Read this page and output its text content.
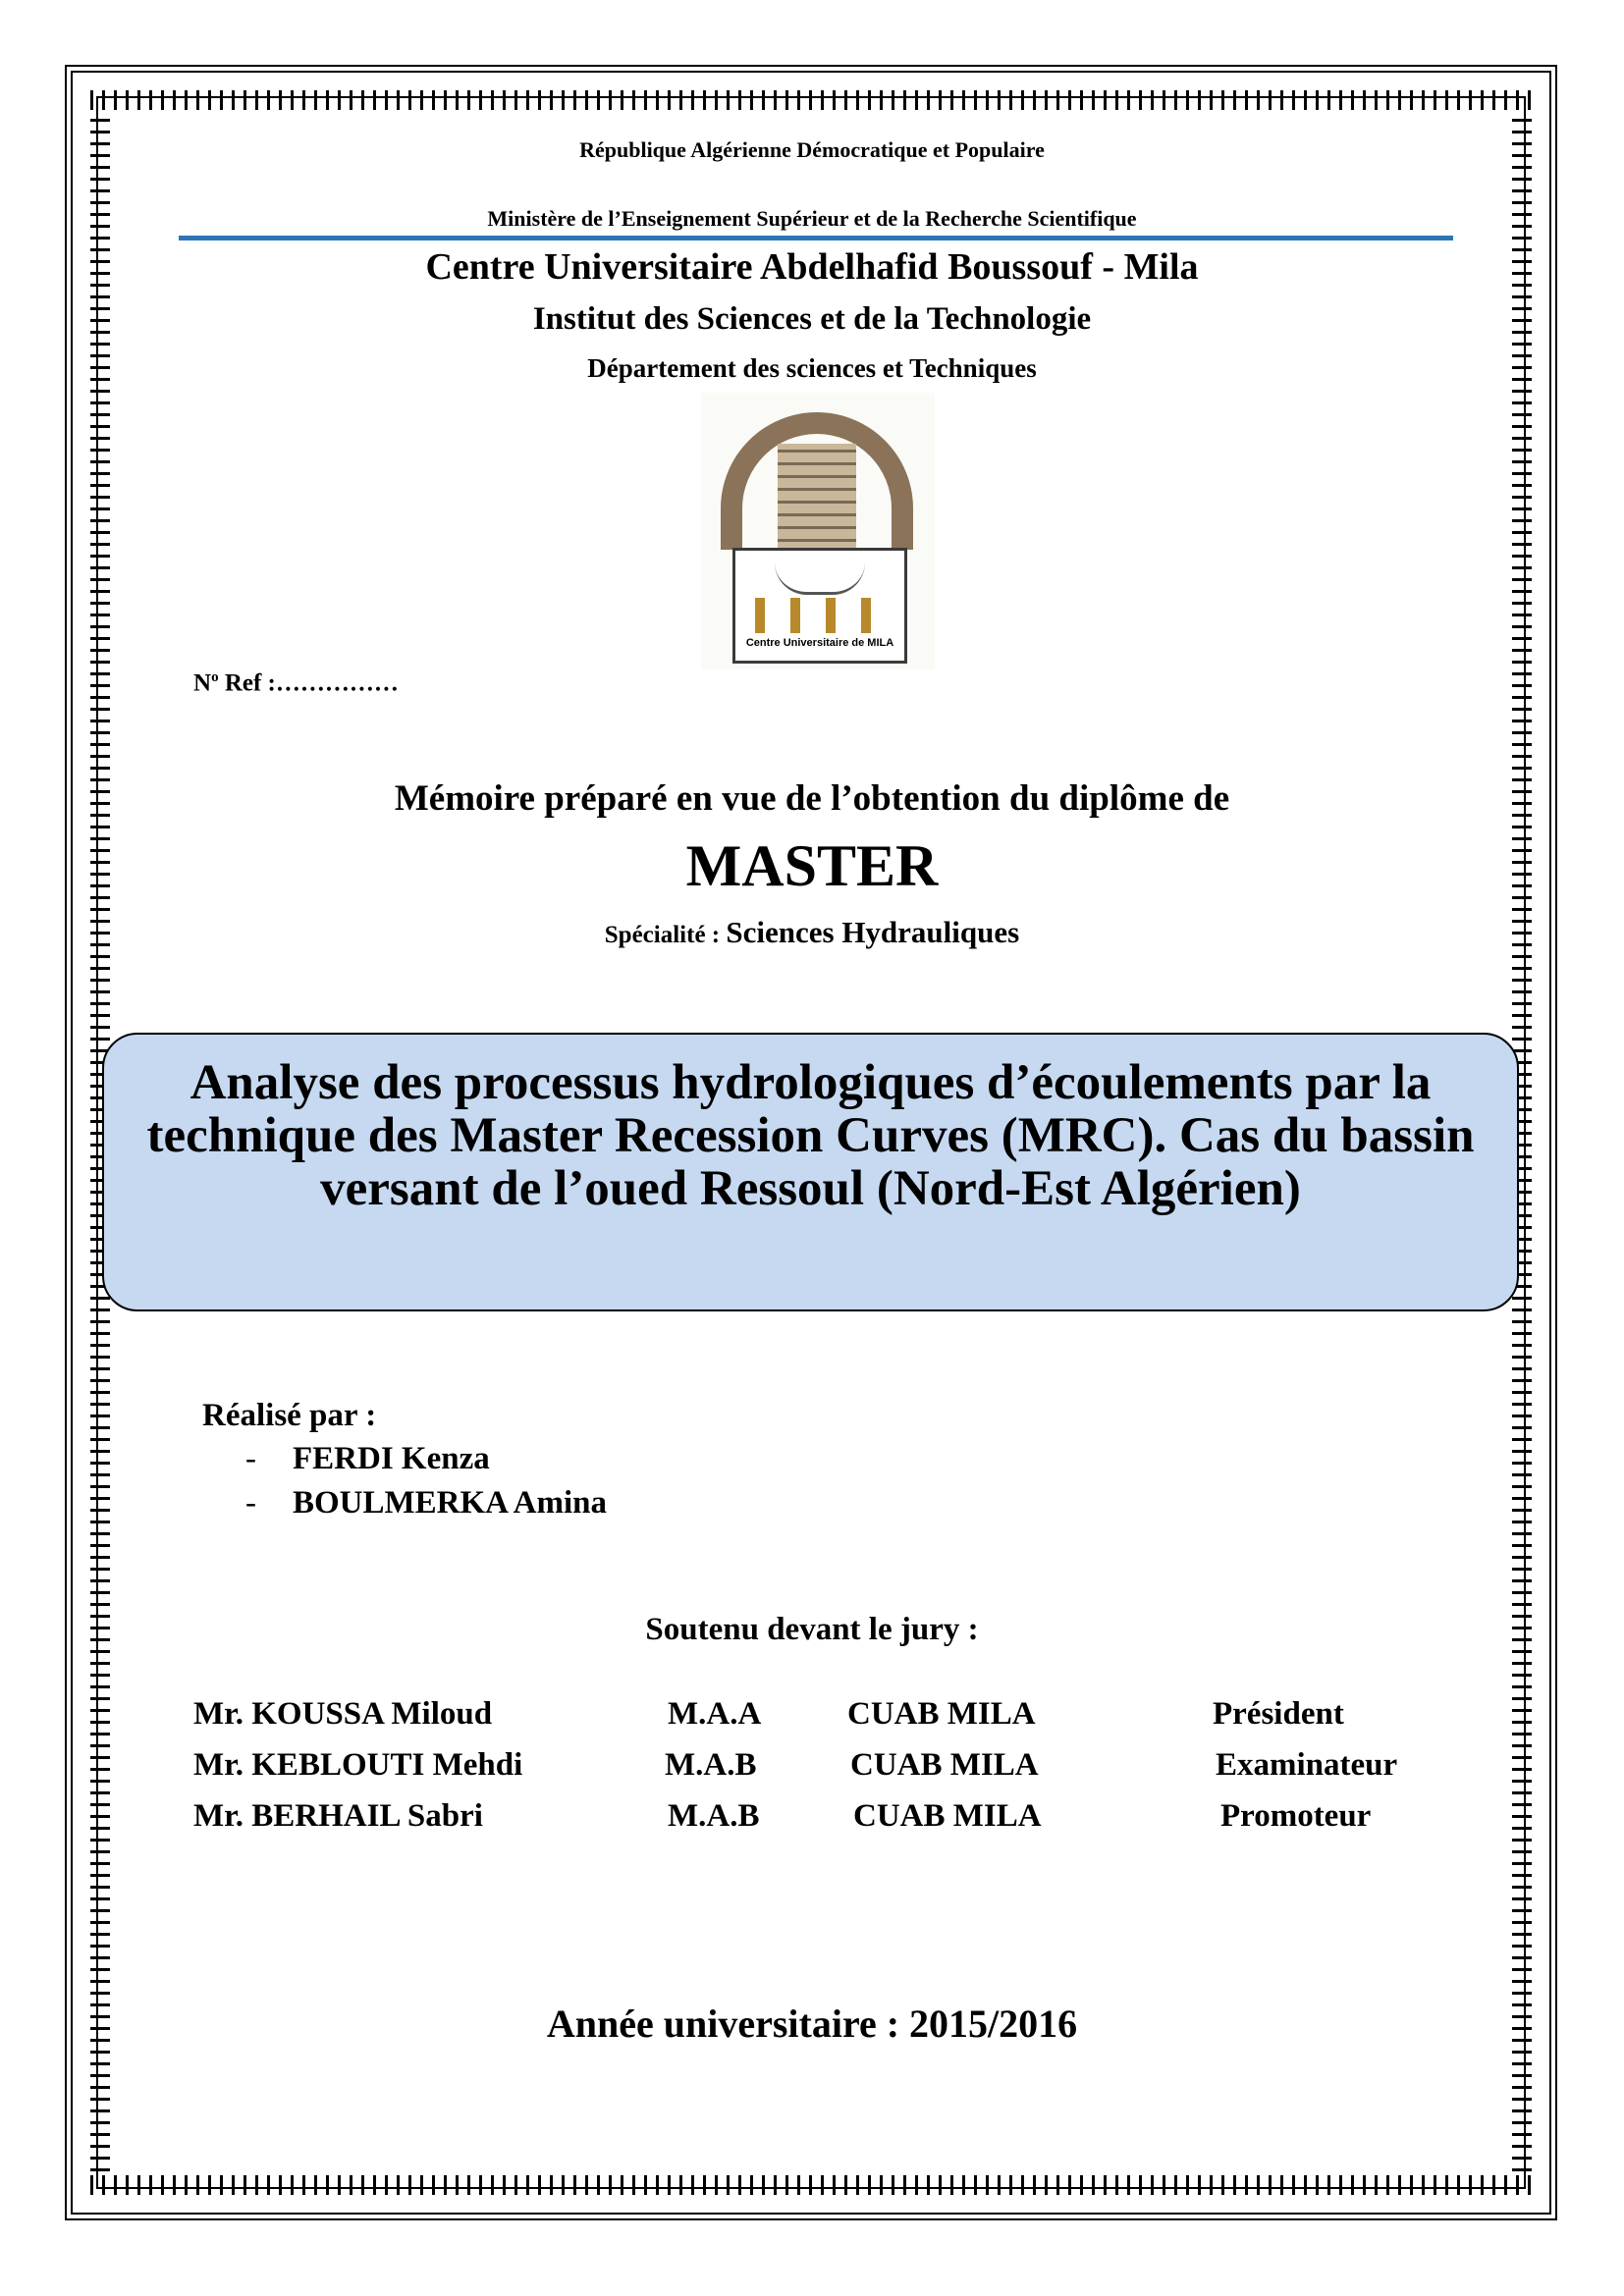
République Algérienne Démocratique et Populaire
Ministère de l’Enseignement Supérieur et de la Recherche Scientifique
Centre Universitaire Abdelhafid Boussouf - Mila
Institut des Sciences et de la Technologie
Département des sciences et Techniques
Centre Universitaire de MILA
$N^o$ Ref :……………
Mémoire préparé en vue de l’obtention du diplôme de
MASTER
Spécialité : Sciences Hydrauliques
Analyse des processus hydrologiques d’écoulements par la technique des Master Recession Curves (MRC). Cas du bassin versant de l’oued Ressoul (Nord-Est Algérien)
Réalisé par :
- FERDI Kenza
- BOULMERKA Amina
Soutenu devant le jury :
Mr. KOUSSA Miloud	M.A.A	CUAB MILA	Président
Mr. KEBLOUTI Mehdi	M.A.B	CUAB MILA	Examinateur
Mr. BERHAIL Sabri	M.A.B	CUAB MILA	Promoteur
Année universitaire : 2015/2016
